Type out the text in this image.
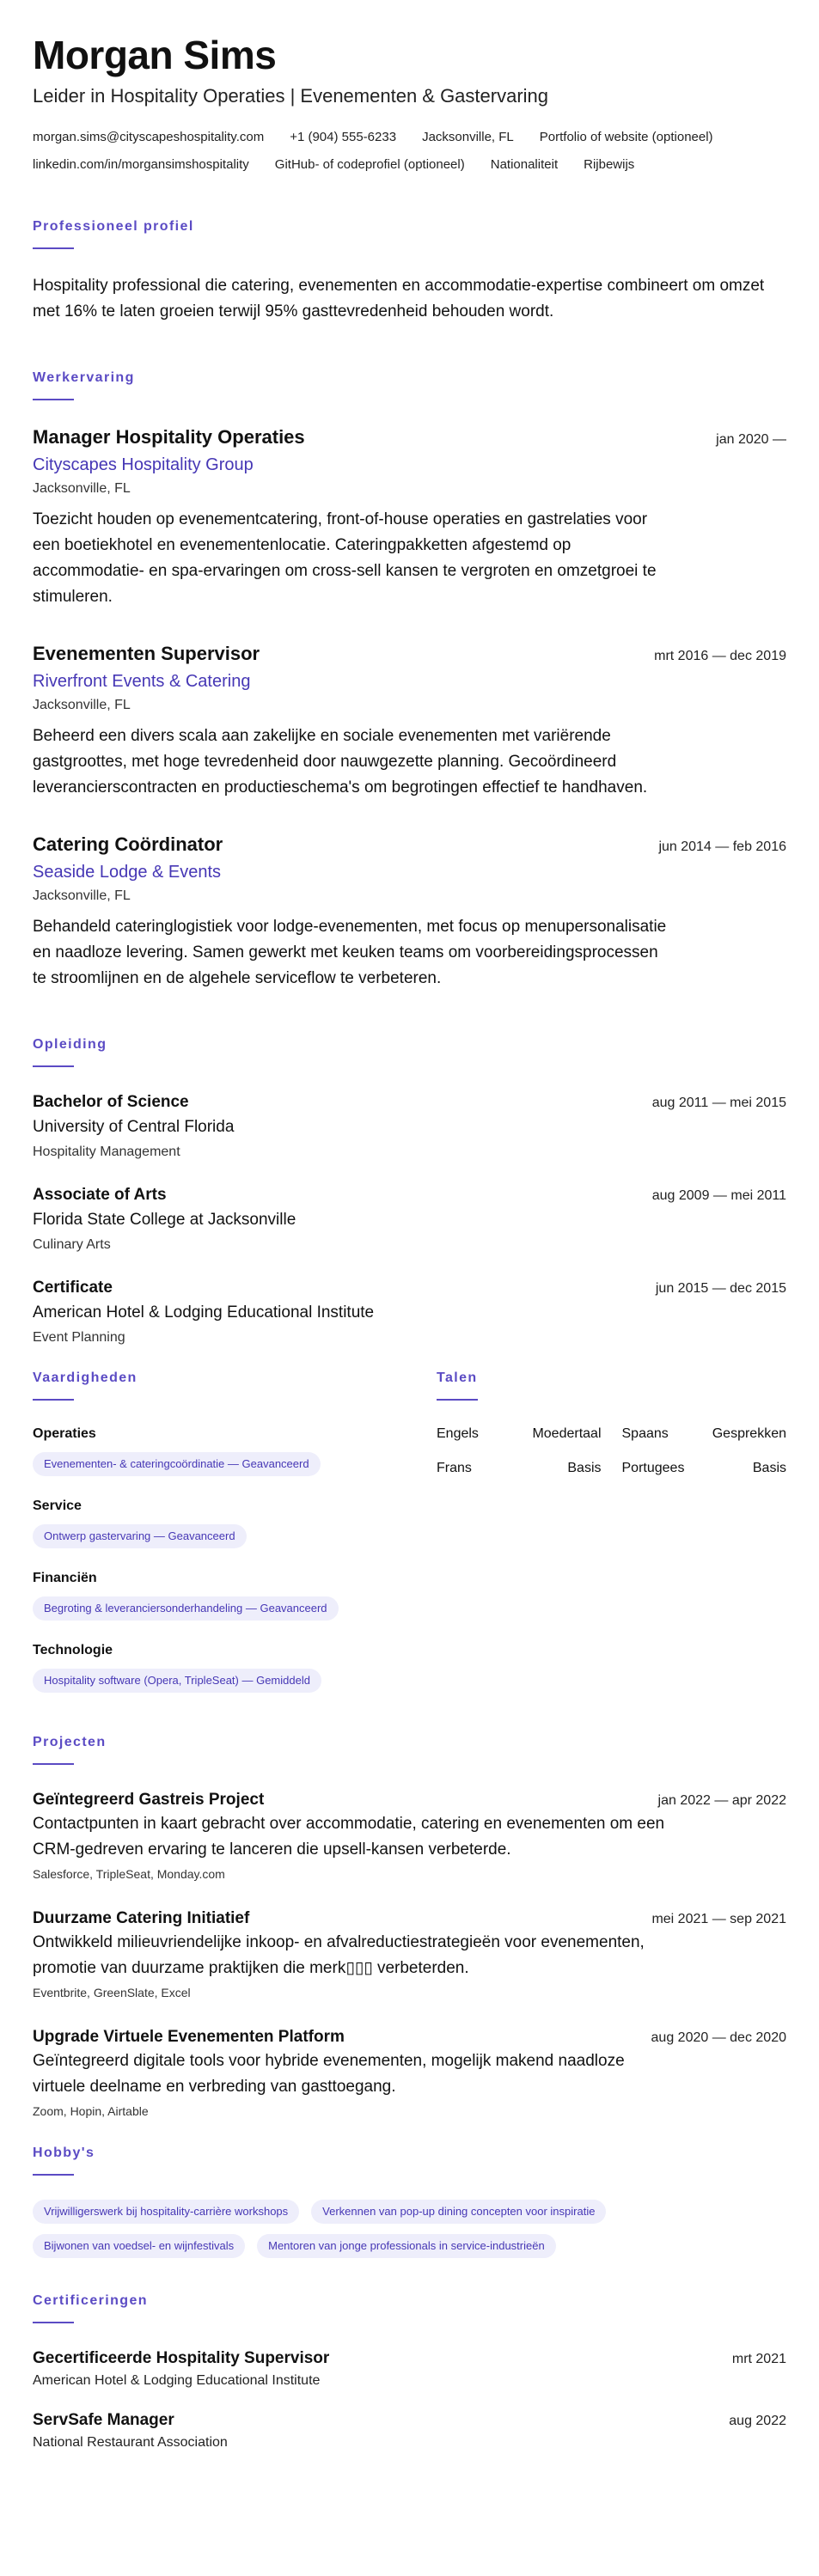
Morgan Sims
Leider in Hospitality Operaties | Evenementen & Gastervaring
morgan.sims@cityscapeshospitality.com +1 (904) 555-6233 Jacksonville, FL Portfolio of website (optioneel)
linkedin.com/in/morgansimshospitality GitHub- of codeprofiel (optioneel) Nationaliteit Rijbewijs
Professioneel profiel

Hospitality professional die catering, evenementen en accommodatie-expertise combineert om omzet met 16% te laten groeien terwijl 95% gasttevredenheid behouden wordt.

Werkervaring
Manager Hospitality Operaties	jan 2020 —
Cityscapes Hospitality Group
Jacksonville, FL
Toezicht houden op evenementcatering, front-of-house operaties en gastrelaties voor een boetiekhotel en evenementenlocatie. Cateringpakketten afgestemd op accommodatie- en spa-ervaringen om cross-sell kansen te vergroten en omzetgroei te stimuleren.
Evenementen Supervisor	mrt 2016 — dec 2019
Riverfront Events & Catering
Jacksonville, FL
Beheerd een divers scala aan zakelijke en sociale evenementen met variërende gastgroottes, met hoge tevredenheid door nauwgezette planning. Gecoördineerd leverancierscontracten en productieschema's om begrotingen effectief te handhaven.
Catering Coördinator	jun 2014 — feb 2016
Seaside Lodge & Events
Jacksonville, FL
Behandeld cateringlogistiek voor lodge-evenementen, met focus op menupersonalisatie en naadloze levering. Samen gewerkt met keuken teams om voorbereidingsprocessen te stroomlijnen en de algehele serviceflow te verbeteren.
Opleiding
Bachelor of Science	aug 2011 — mei 2015
University of Central Florida
Hospitality Management
Associate of Arts	aug 2009 — mei 2011
Florida State College at Jacksonville
Culinary Arts
Certificate	jun 2015 — dec 2015
American Hotel & Lodging Educational Institute
Event Planning
Vaardigheden
Operaties
Evenementen- & cateringcoördinatie — Geavanceerd
Service
Ontwerp gastervaring — Geavanceerd
Financiën
Begroting & leveranciersonderhandeling — Geavanceerd
Technologie
Hospitality software (Opera, TripleSeat) — Gemiddeld
Talen
Engels	Moedertaal Spaans	Gesprekken
Frans	Basis Portugees	Basis
Projecten
Geïntegreerd Gastreis Project	jan 2022 — apr 2022
Contactpunten in kaart gebracht over accommodatie, catering en evenementen om een CRM-gedreven ervaring te lanceren die upsell-kansen verbeterde.
Salesforce, TripleSeat, Monday.com
Duurzame Catering Initiatief	mei 2021 — sep 2021
Ontwikkeld milieuvriendelijke inkoop- en afvalreductiestrategieën voor evenementen, promotie van duurzame praktijken die merk▯▯▯ verbeterden.
Eventbrite, GreenSlate, Excel
Upgrade Virtuele Evenementen Platform	aug 2020 — dec 2020
Geïntegreerd digitale tools voor hybride evenementen, mogelijk makend naadloze virtuele deelname en verbreding van gasttoegang.
Zoom, Hopin, Airtable
Hobby's
Vrijwilligerswerk bij hospitality-carrière workshops	Verkennen van pop-up dining concepten voor inspiratie
Bijwonen van voedsel- en wijnfestivals	Mentoren van jonge professionals in service-industrieën
Certificeringen
Gecertificeerde Hospitality Supervisor	mrt 2021
American Hotel & Lodging Educational Institute
ServSafe Manager	aug 2022
National Restaurant Association
